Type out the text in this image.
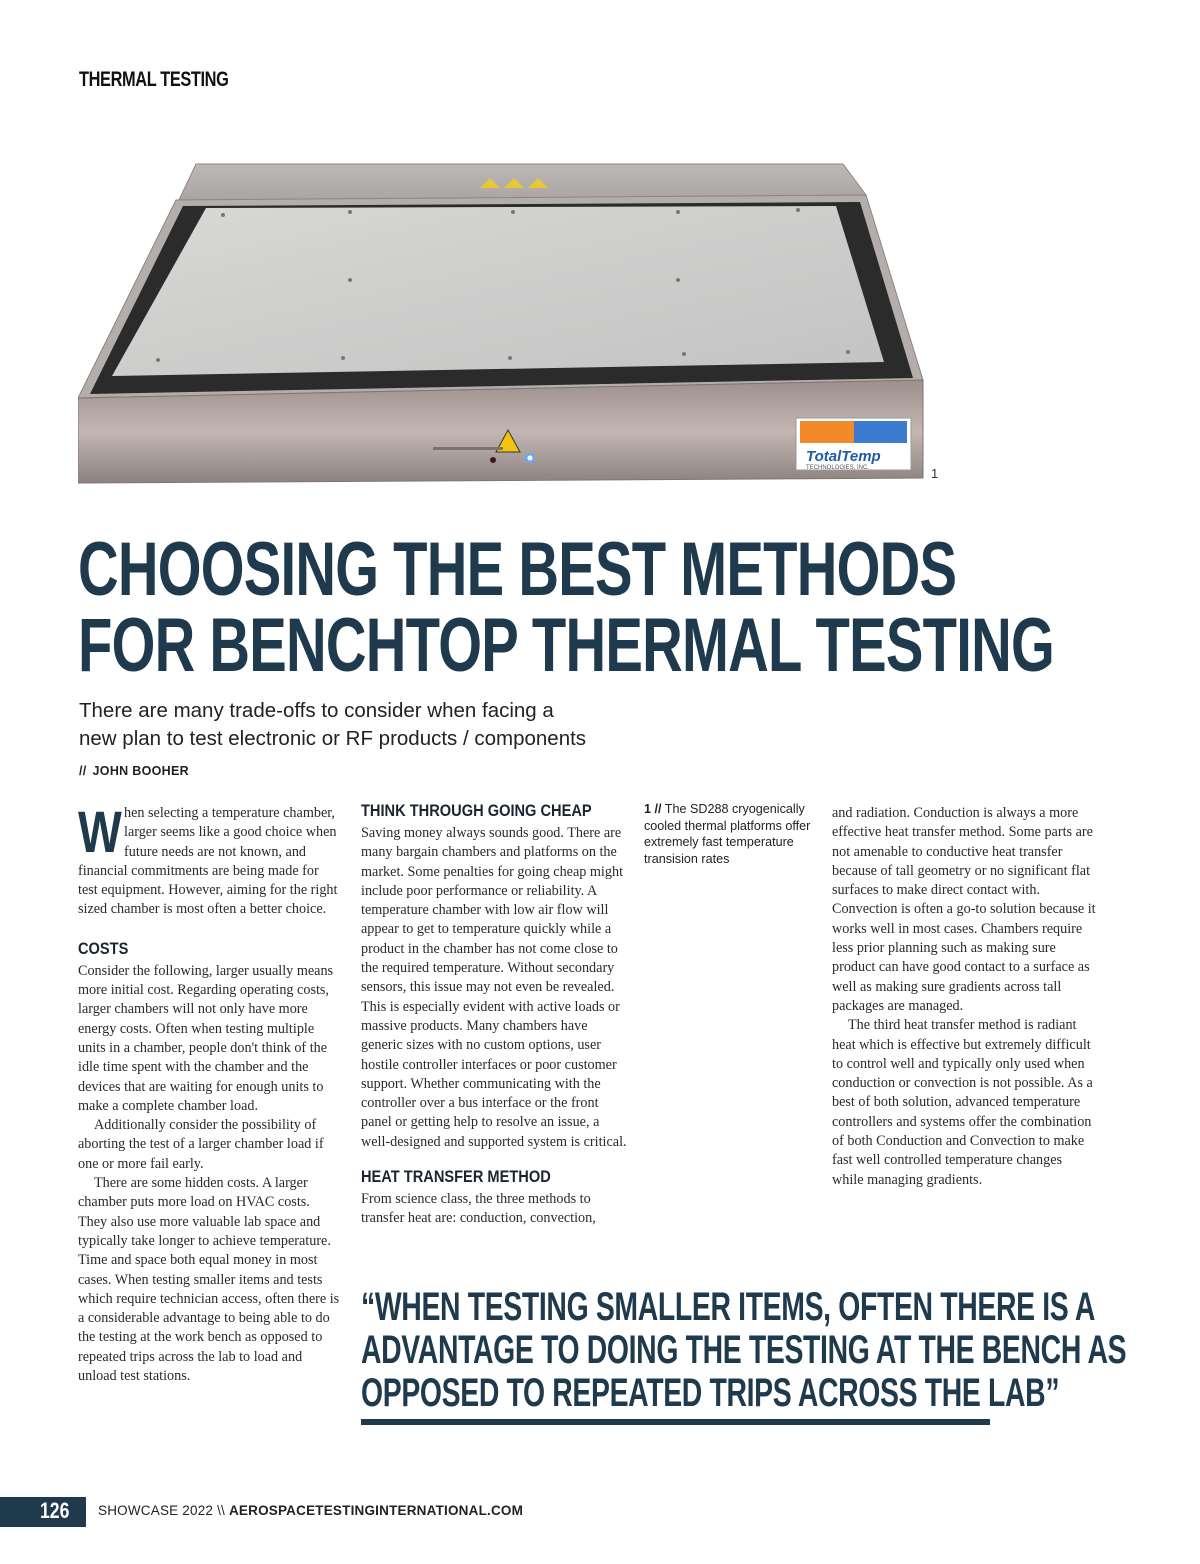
THERMAL TESTING
TotalTemp
TECHNOLOGIES, INC.	1
CHOOSING THE BEST METHODS
FOR BENCHTOP THERMAL TESTING
There are many trade-offs to consider when facing a
new plan to test electronic or RF products / components
// JOHN BOOHER

When selecting a temperature chamber, larger seems like a good choice when future needs are not known, and financial commitments are being made for test equipment. However, aiming for the right sized chamber is most often a better choice.

COSTS

Consider the following, larger usually means more initial cost. Regarding operating costs, larger chambers will not only have more energy costs. Often when testing multiple units in a chamber, people don't think of the idle time spent with the chamber and the devices that are waiting for enough units to make a complete chamber load.

Additionally consider the possibility of aborting the test of a larger chamber load if one or more fail early.

There are some hidden costs. A larger chamber puts more load on HVAC costs. They also use more valuable lab space and typically take longer to achieve temperature. Time and space both equal money in most cases. When testing smaller items and tests which require technician access, often there is a considerable advantage to being able to do the testing at the work bench as opposed to repeated trips across the lab to load and unload test stations.

THINK THROUGH GOING CHEAP

Saving money always sounds good. There are many bargain chambers and platforms on the market. Some penalties for going cheap might include poor performance or reliability. A temperature chamber with low air flow will appear to get to temperature quickly while a product in the chamber has not come close to the required temperature. Without secondary sensors, this issue may not even be revealed. This is especially evident with active loads or massive products. Many chambers have generic sizes with no custom options, user hostile controller interfaces or poor customer support. Whether communicating with the controller over a bus interface or the front panel or getting help to resolve an issue, a well-designed and supported system is critical.

HEAT TRANSFER METHOD

From science class, the three methods to transfer heat are: conduction, convection,

1 // The SD288 cryogenically cooled thermal platforms offer extremely fast temperature transision rates

and radiation. Conduction is always a more effective heat transfer method. Some parts are not amenable to conductive heat transfer because of tall geometry or no significant flat surfaces to make direct contact with. Convection is often a go-to solution because it works well in most cases. Chambers require less prior planning such as making sure product can have good contact to a surface as well as making sure gradients across tall packages are managed.

The third heat transfer method is radiant heat which is effective but extremely difficult to control well and typically only used when conduction or convection is not possible. As a best of both solution, advanced temperature controllers and systems offer the combination of both Conduction and Convection to make fast well controlled temperature changes while managing gradients.

“WHEN TESTING SMALLER ITEMS, OFTEN THERE IS A
ADVANTAGE TO DOING THE TESTING AT THE BENCH AS
OPPOSED TO REPEATED TRIPS ACROSS THE LAB”
126 SHOWCASE 2022 \\ AEROSPACETESTINGINTERNATIONAL.COM
